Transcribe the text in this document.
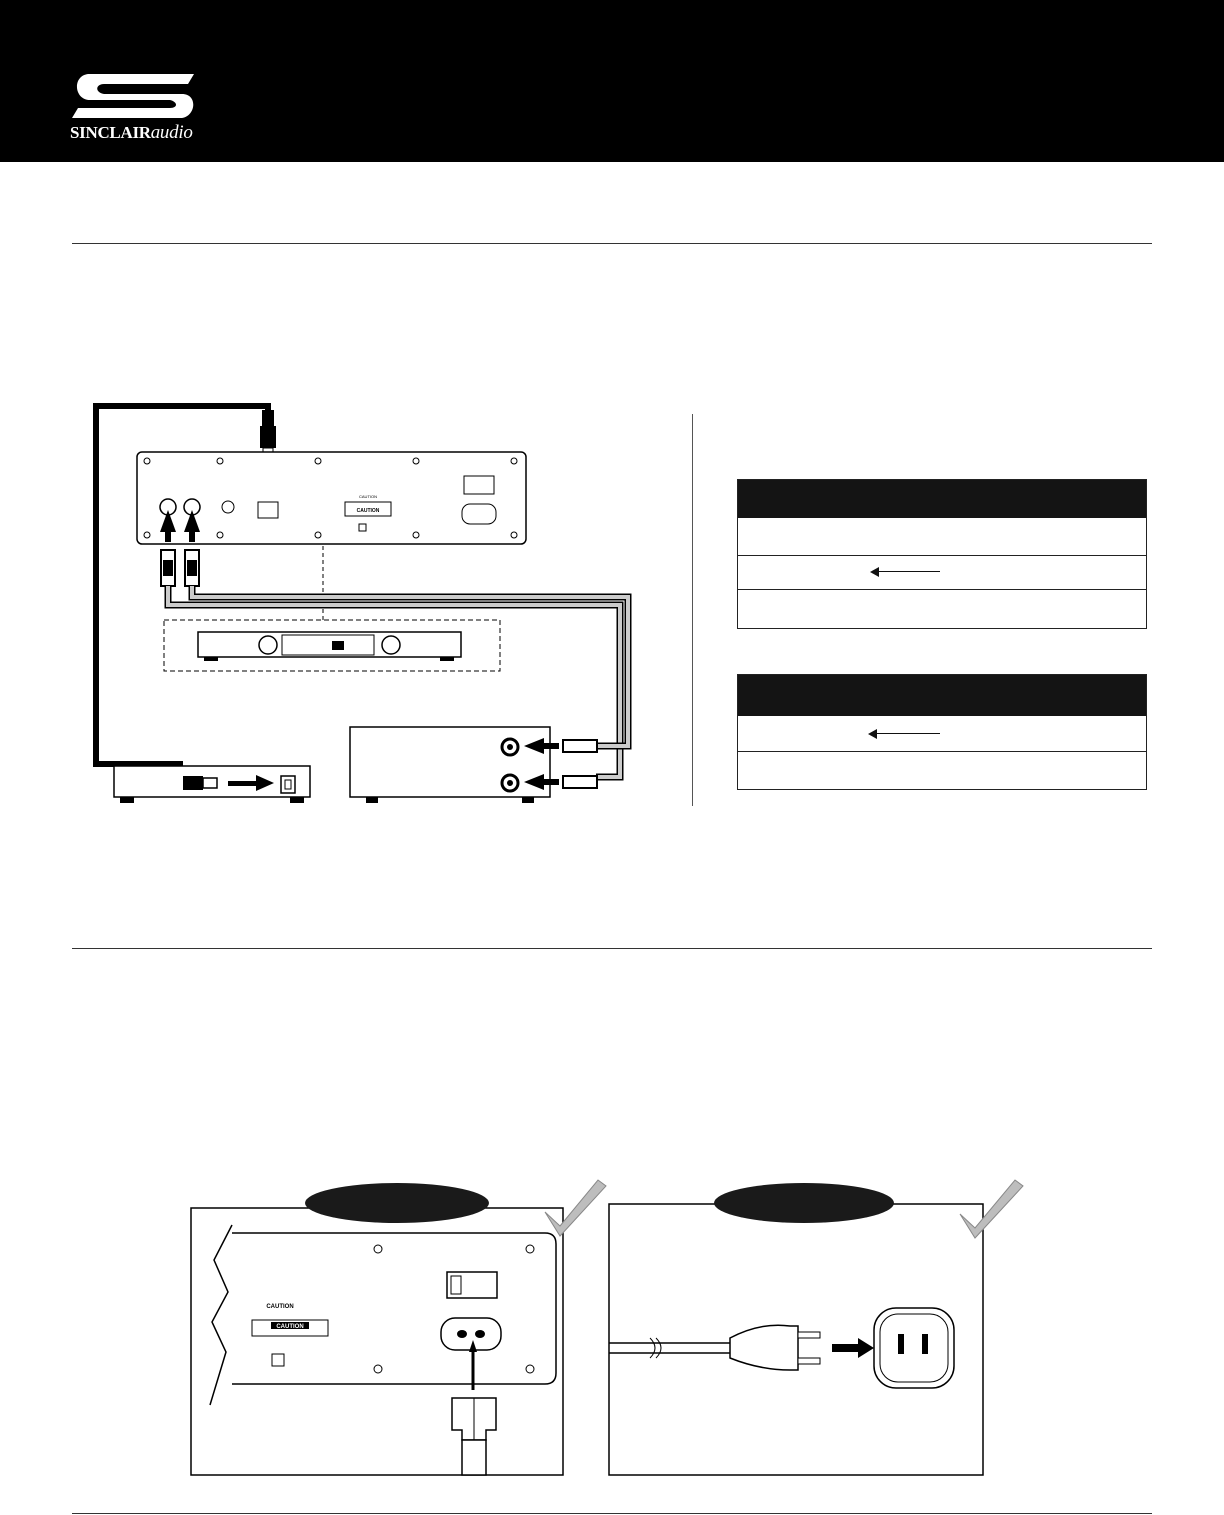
SINCLAIRaudio
CAUTION
CAUTION
CAUTION
CAUTION
